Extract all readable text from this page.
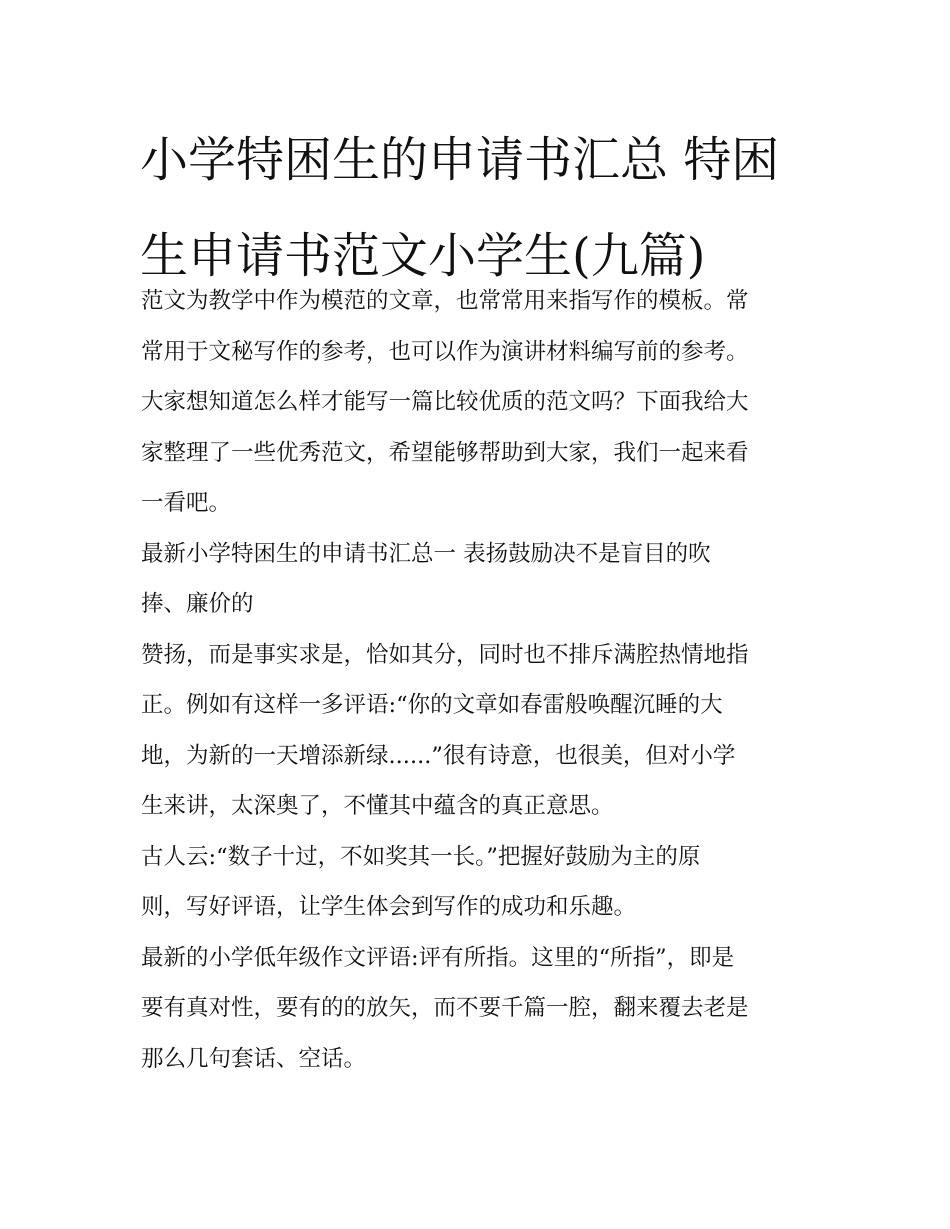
小学特困生的申请书汇总 特困
生申请书范文小学生(九篇)
范文为教学中作为模范的文章，也常常用来指写作的模板。常
常用于文秘写作的参考，也可以作为演讲材料编写前的参考。
大家想知道怎么样才能写一篇比较优质的范文吗？下面我给大
家整理了一些优秀范文，希望能够帮助到大家，我们一起来看
一看吧。
最新小学特困生的申请书汇总一 表扬鼓励决不是盲目的吹
捧、廉价的
赞扬，而是事实求是，恰如其分，同时也不排斥满腔热情地指
正。例如有这样一多评语:“你的文章如春雷般唤醒沉睡的大
地，为新的一天增添新绿......”很有诗意，也很美，但对小学
生来讲，太深奥了，不懂其中蕴含的真正意思。
古人云:“数子十过，不如奖其一长。”把握好鼓励为主的原
则，写好评语，让学生体会到写作的成功和乐趣。
最新的小学低年级作文评语:评有所指。这里的“所指”，即是
要有真对性，要有的的放矢，而不要千篇一腔，翻来覆去老是
那么几句套话、空话。
